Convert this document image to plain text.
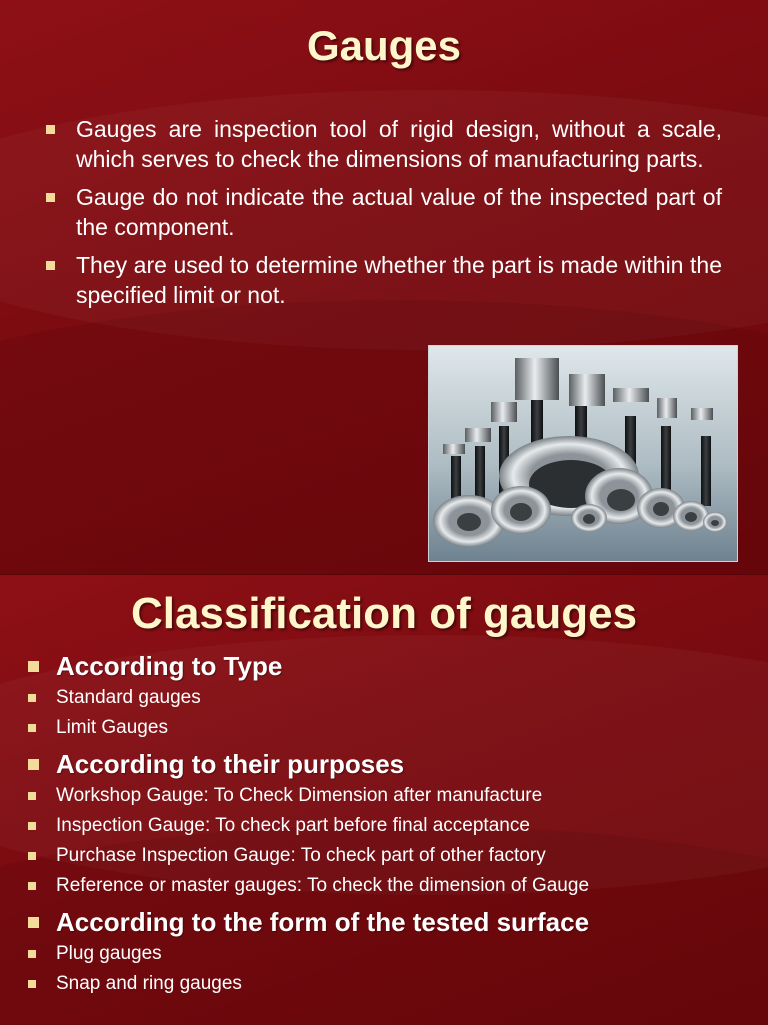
Gauges
Gauges are inspection tool of rigid design, without a scale, which serves to check the dimensions of manufacturing parts.
Gauge do not indicate the actual value of the inspected part of the component.
They are used to determine whether the part is made within the specified limit or not.
Classification of gauges
According to Type
Standard gauges
Limit Gauges
According to their purposes
Workshop Gauge: To Check Dimension after manufacture
Inspection Gauge: To check part before final acceptance
Purchase Inspection Gauge: To check part of other factory
Reference or master gauges: To check the dimension of Gauge
According to the form of the tested surface
Plug gauges
Snap and ring gauges
